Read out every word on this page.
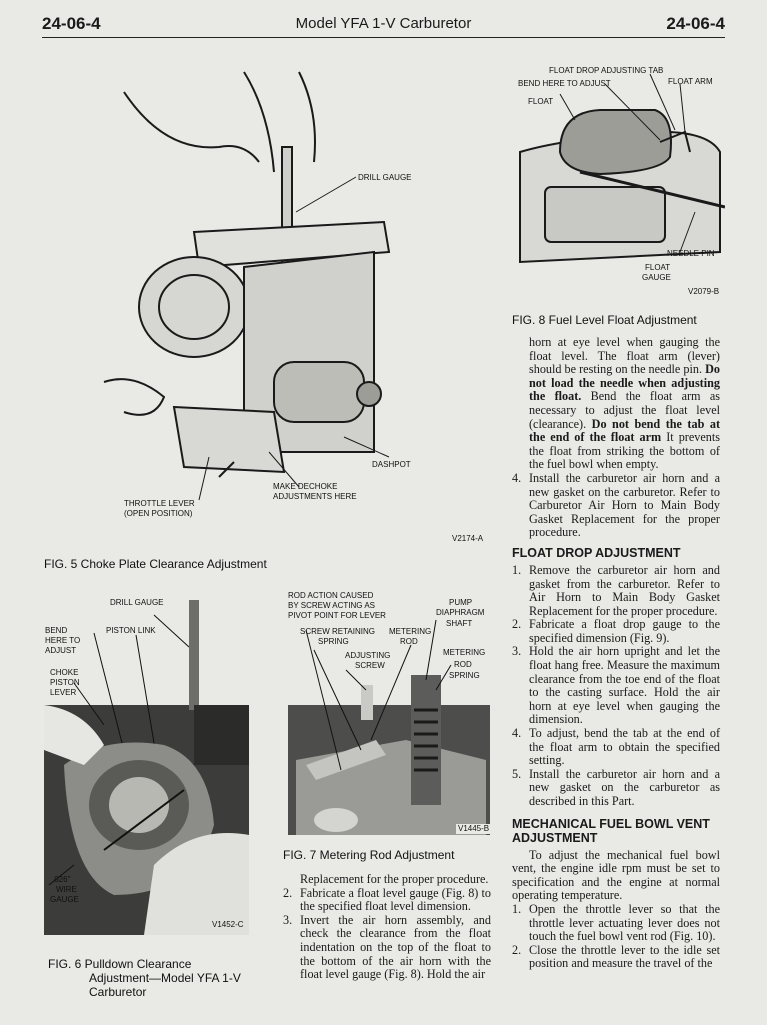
24-06-4	Model YFA 1-V Carburetor	24-06-4
DRILL GAUGE
DASHPOT
MAKE DECHOKE
ADJUSTMENTS HERE
THROTTLE LEVER
(OPEN POSITION)
V2174-A
FIG. 5 Choke Plate Clearance Adjustment
FLOAT DROP ADJUSTING TAB
BEND HERE TO ADJUST	FLOAT ARM
FLOAT
NEEDLE PIN
FLOAT
GAUGE
V2079-B
FIG. 8 Fuel Level Float Adjustment

horn at eye level when gauging the float level. The float arm (lever) should be resting on the needle pin. Do not load the needle when adjusting the float. Bend the float arm as necessary to adjust the float level (clearance). Do not bend the tab at the end of the float arm It prevents the float from striking the bottom of the fuel bowl when empty.

4. Install the carburetor air horn and a new gasket on the carburetor. Refer to Carburetor Air Horn to Main Body Gasket Replacement for the proper procedure.
FLOAT DROP ADJUSTMENT
1. Remove the carburetor air horn and gasket from the carburetor. Refer to Air Horn to Main Body Gasket Replacement for the proper procedure.
2. Fabricate a float drop gauge to the specified dimension (Fig. 9).
3. Hold the air horn upright and let the float hang free. Measure the maximum clearance from the toe end of the float to the casting surface. Hold the air horn at eye level when gauging the dimension.
4. To adjust, bend the tab at the end of the float arm to obtain the specified setting.
5. Install the carburetor air horn and a new gasket on the carburetor as described in this Part.
MECHANICAL FUEL BOWL VENT
ADJUSTMENT

To adjust the mechanical fuel bowl vent, the engine idle rpm must be set to specification and the engine at normal operating temperature.

1. Open the throttle lever so that the throttle lever actuating lever does not touch the fuel bowl vent rod (Fig. 10).
2. Close the throttle lever to the idle set position and measure the travel of the
DRILL GAUGE
BEND
HERE TO
ADJUST
PISTON LINK
CHOKE
PISTON
LEVER
.026"
WIRE
GAUGE
V1452-C
FIG. 6 Pulldown Clearance
Adjustment—Model YFA 1-V
Carburetor
ROD ACTION CAUSED
BY SCREW ACTING AS
PIVOT POINT FOR LEVER
SCREW RETAINING
SPRING
ADJUSTING
SCREW
METERING
ROD
PUMP
DIAPHRAGM
SHAFT
METERING
ROD
SPRING
V1445-B
FIG. 7 Metering Rod Adjustment

Replacement for the proper procedure.

2. Fabricate a float level gauge (Fig. 8) to the specified float level dimension.
3. Invert the air horn assembly, and check the clearance from the float indentation on the top of the float to the bottom of the air horn with the float level gauge (Fig. 8). Hold the air
